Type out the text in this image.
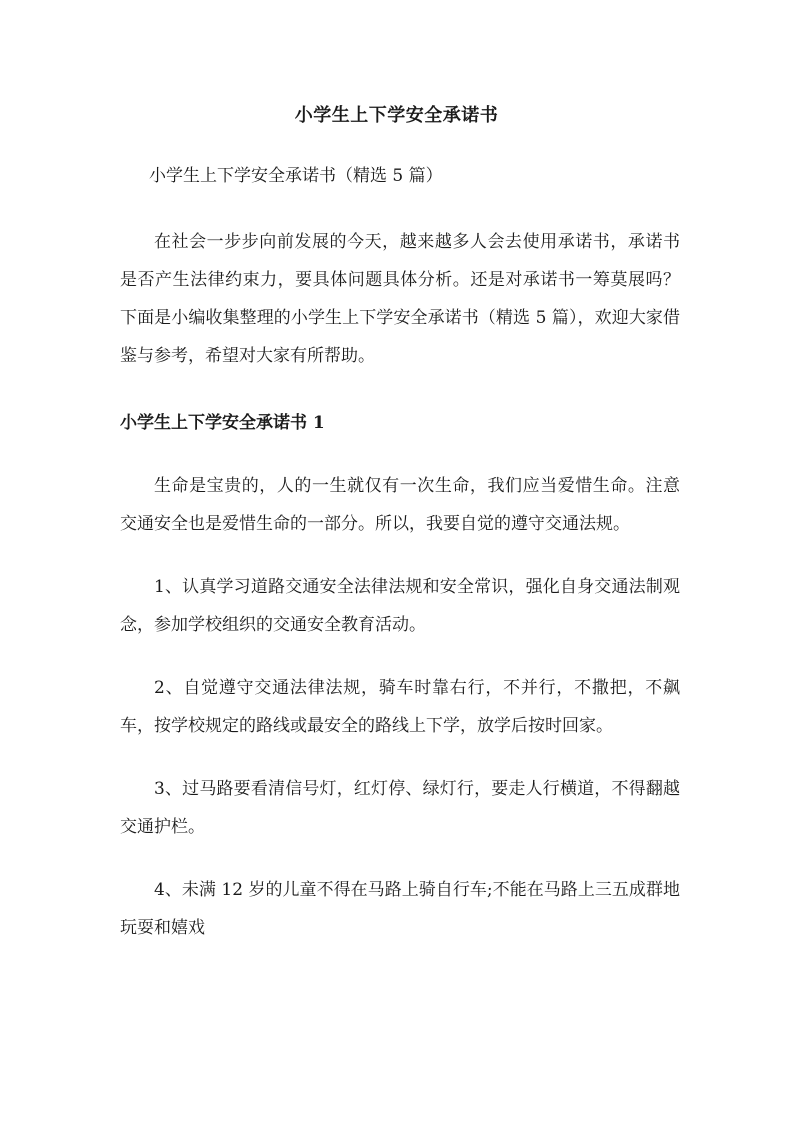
小学生上下学安全承诺书
小学生上下学安全承诺书（精选 5 篇）

在社会一步步向前发展的今天，越来越多人会去使用承诺书，承诺书是否产生法律约束力，要具体问题具体分析。还是对承诺书一筹莫展吗？下面是小编收集整理的小学生上下学安全承诺书（精选 5 篇），欢迎大家借鉴与参考，希望对大家有所帮助。

小学生上下学安全承诺书 1

生命是宝贵的，人的一生就仅有一次生命，我们应当爱惜生命。注意交通安全也是爱惜生命的一部分。所以，我要自觉的遵守交通法规。

1、认真学习道路交通安全法律法规和安全常识，强化自身交通法制观念，参加学校组织的交通安全教育活动。

2、自觉遵守交通法律法规，骑车时靠右行，不并行，不撒把，不飙车，按学校规定的路线或最安全的路线上下学，放学后按时回家。

3、过马路要看清信号灯，红灯停、绿灯行，要走人行横道，不得翻越交通护栏。

4、未满 12 岁的儿童不得在马路上骑自行车;不能在马路上三五成群地玩耍和嬉戏
